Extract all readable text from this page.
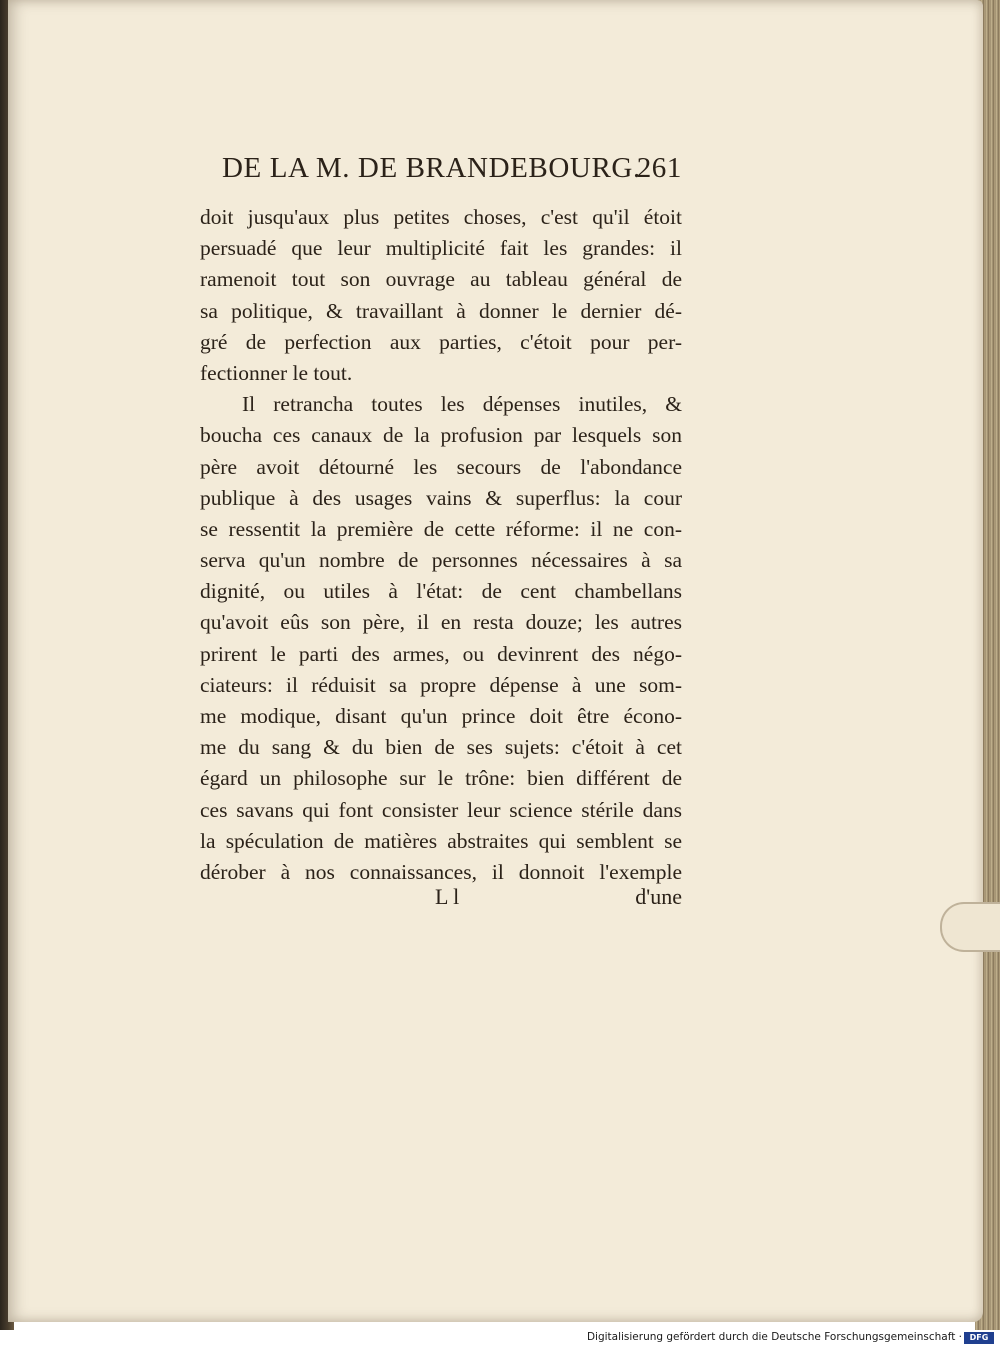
DE LA M. DE BRANDEBOURG.
261
doit jusqu'aux plus petites choses, c'est qu'il étoit
persuadé que leur multiplicité fait les grandes: il
ramenoit tout son ouvrage au tableau général de
sa politique, & travaillant à donner le dernier dé-
gré de perfection aux parties, c'étoit pour per-
fectionner le tout.
Il retrancha toutes les dépenses inutiles, &
boucha ces canaux de la profusion par lesquels son
père avoit détourné les secours de l'abondance
publique à des usages vains & superflus: la cour
se ressentit la première de cette réforme: il ne con-
serva qu'un nombre de personnes nécessaires à sa
dignité, ou utiles à l'état: de cent chambellans
qu'avoit eûs son père, il en resta douze; les autres
prirent le parti des armes, ou devinrent des négo-
ciateurs: il réduisit sa propre dépense à une som-
me modique, disant qu'un prince doit être écono-
me du sang & du bien de ses sujets: c'étoit à cet
égard un philosophe sur le trône: bien différent de
ces savans qui font consister leur science stérile dans
la spéculation de matières abstraites qui semblent se
dérober à nos connaissances, il donnoit l'exemple
L l	d'une
Digitalisierung gefördert durch die Deutsche Forschungsgemeinschaft · DFG
